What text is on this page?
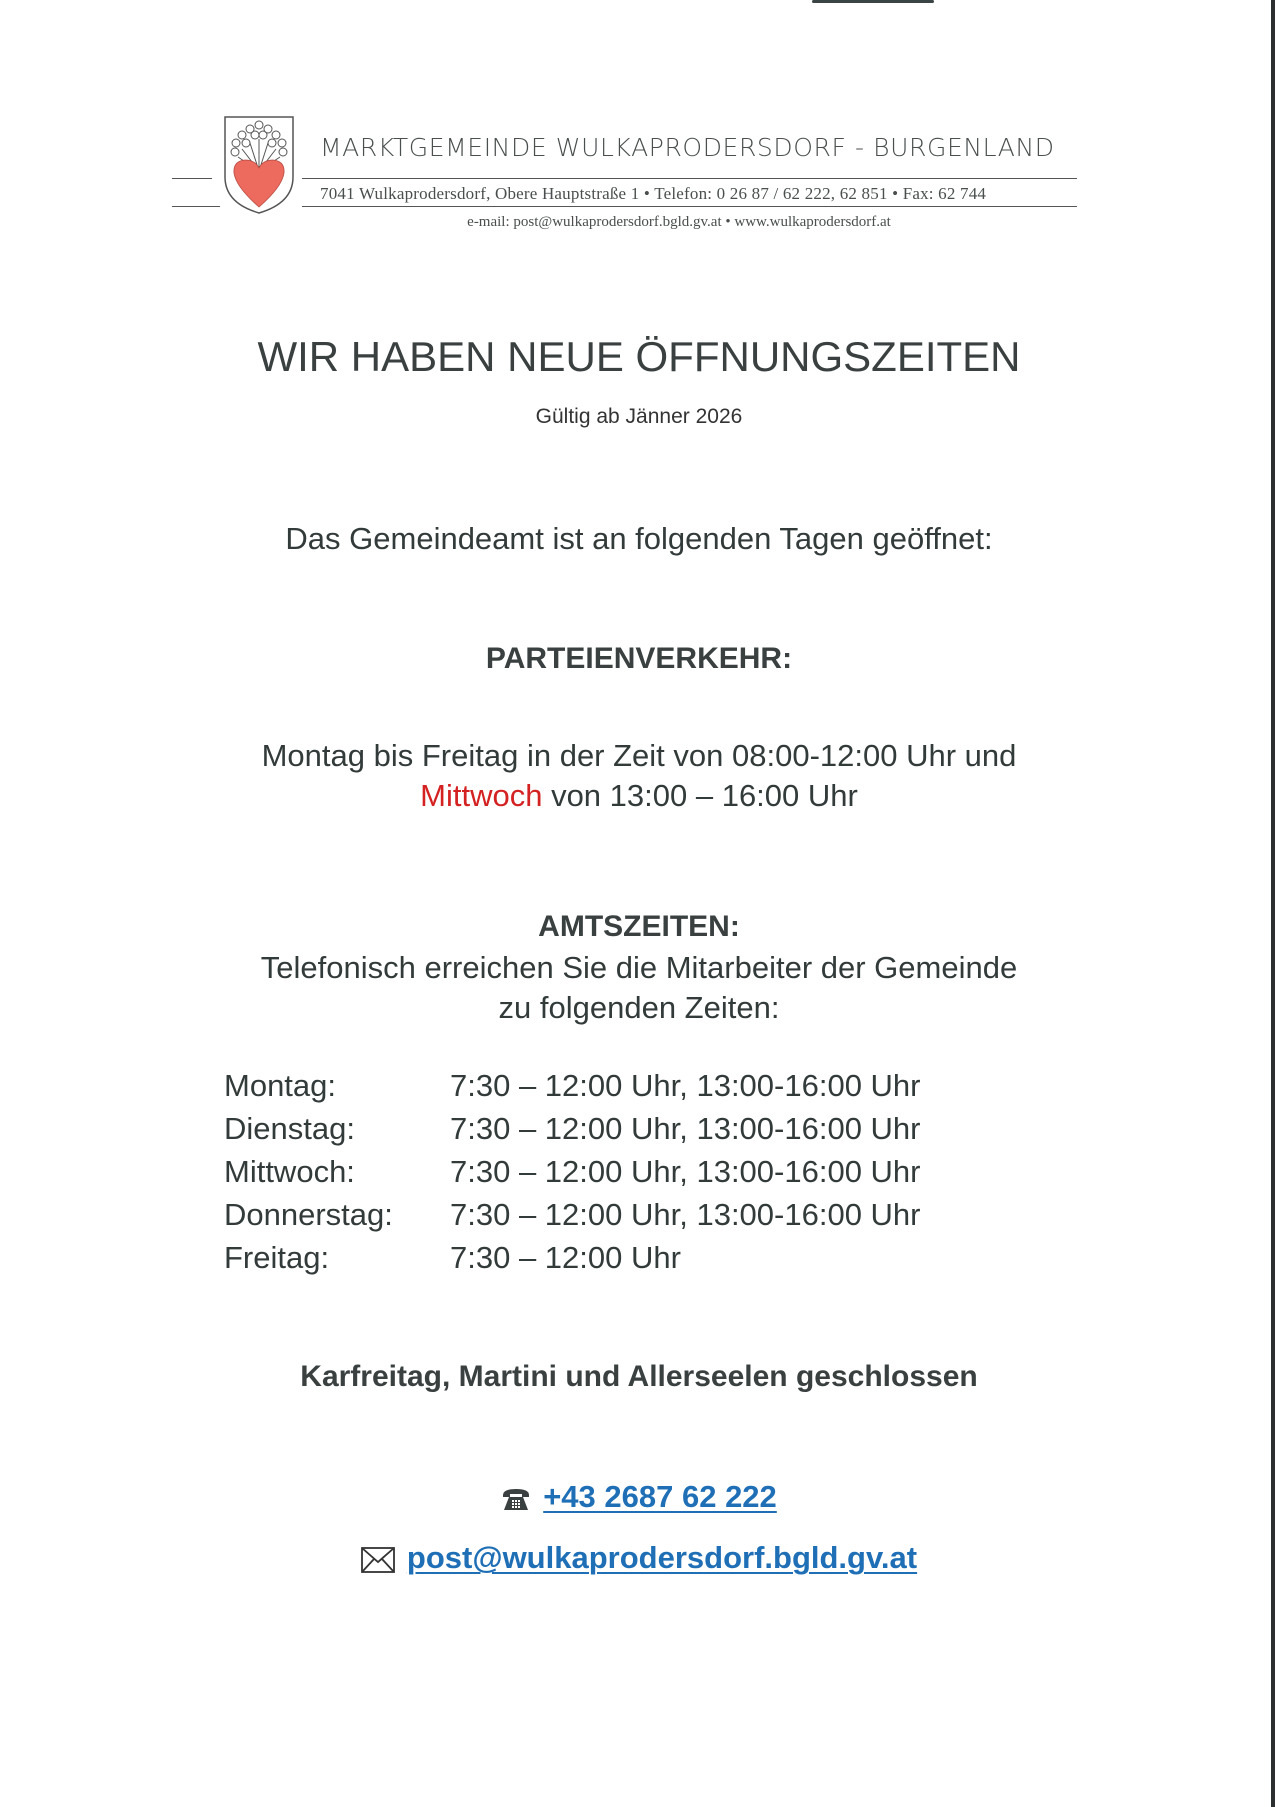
MARKTGEMEINDE WULKAPRODERSDORF - BURGENLAND
7041 Wulkaprodersdorf, Obere Hauptstraße 1 • Telefon: 0 26 87 / 62 222, 62 851 • Fax: 62 744
e-mail: post@wulkaprodersdorf.bgld.gv.at • www.wulkaprodersdorf.at
WIR HABEN NEUE ÖFFNUNGSZEITEN
Gültig ab Jänner 2026
Das Gemeindeamt ist an folgenden Tagen geöffnet:
PARTEIENVERKEHR:
Montag bis Freitag in der Zeit von 08:00-12:00 Uhr und
Mittwoch von 13:00 – 16:00 Uhr
AMTSZEITEN:
Telefonisch erreichen Sie die Mitarbeiter der Gemeinde
zu folgenden Zeiten:
Montag:	7:30 – 12:00 Uhr, 13:00-16:00 Uhr
Dienstag:	7:30 – 12:00 Uhr, 13:00-16:00 Uhr
Mittwoch:	7:30 – 12:00 Uhr, 13:00-16:00 Uhr
Donnerstag:	7:30 – 12:00 Uhr, 13:00-16:00 Uhr
Freitag:	7:30 – 12:00 Uhr
Karfreitag, Martini und Allerseelen geschlossen
+43 2687 62 222
post@wulkaprodersdorf.bgld.gv.at
